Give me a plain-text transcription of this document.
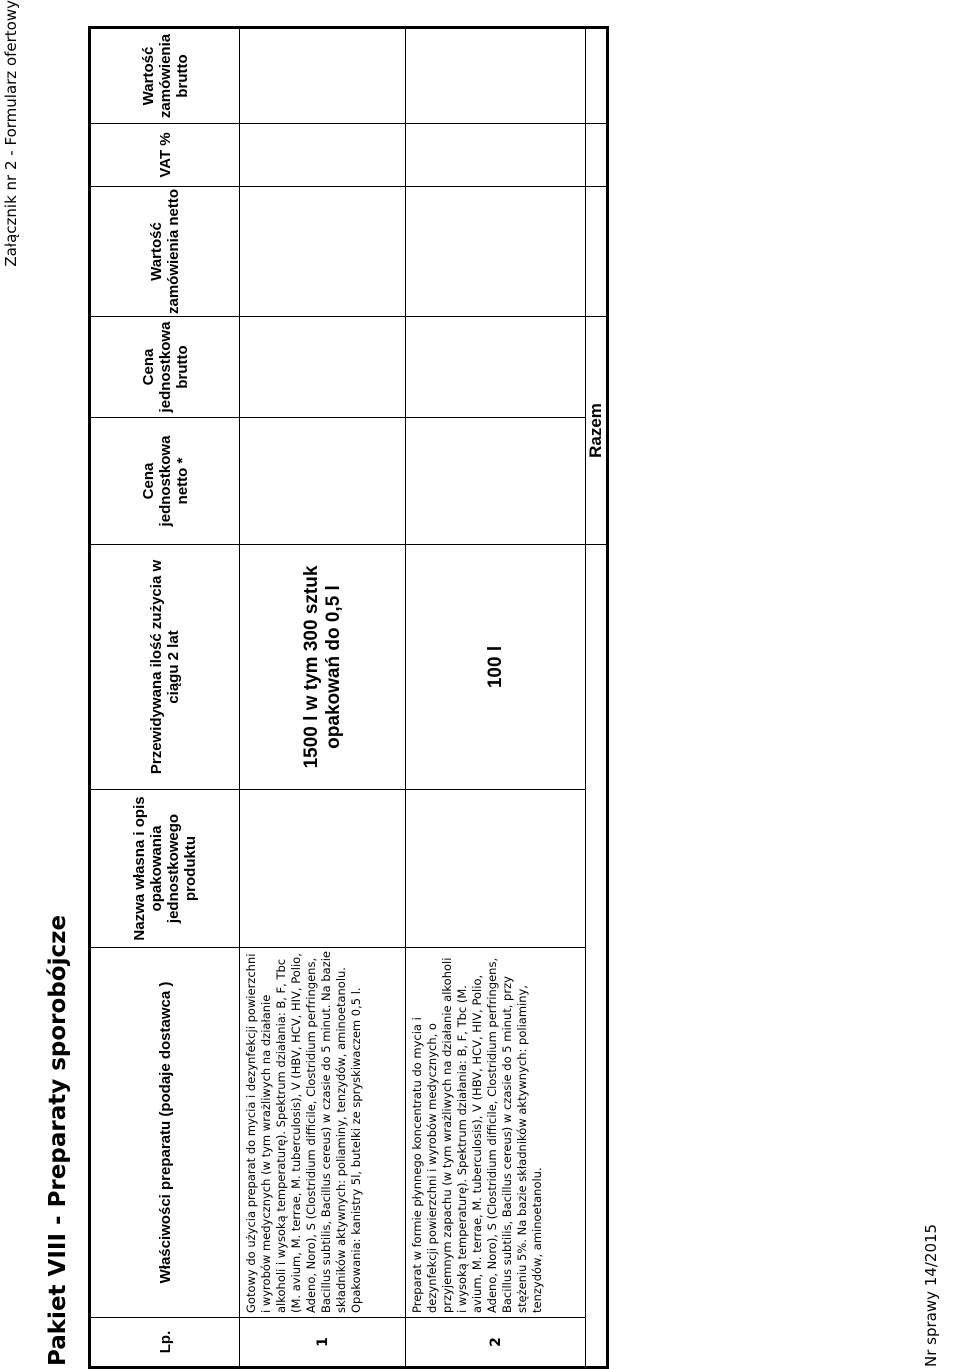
Załącznik nr 2 - Formularz ofertowy
Pakiet VIII - Preparaty sporobójcze	Nr sprawy 14/2015
Lp.	Właściwości preparatu (podaje dostawca )	Nazwa własna i opis opakowania jednostkowego produktu	Przewidywana ilość zużycia w ciągu 2 lat	Cena jednostkowa netto *	Cena jednostkowa brutto	Wartość zamówienia netto	VAT %	Wartość zamówienia brutto
1	Gotowy do użycia preparat do mycia i dezynfekcji powierzchni i wyrobów medycznych (w tym wrażliwych na działanie alkoholi i wysoką temperaturę). Spektrum działania: B, F, Tbc (M. avium, M. terrae, M. tuberculosis), V (HBV, HCV, HIV, Polio, Adeno, Noro), S (Clostridium difficile, Clostridium perfringens, Bacillus subtilis, Bacillus cereus) w czasie do 5 minut. Na bazie składników aktywnych: poliaminy, tenzydów, aminoetanolu. Opakowania: kanistry 5l, butelki ze spryskiwaczem 0,5 l.		1500 l w tym 300 sztuk opakowań do 0,5 l					
2	Preparat w formie płynnego koncentratu do mycia i dezynfekcji powierzchni i wyrobów medycznych, o przyjemnym zapachu (w tym wrażliwych na działanie alkoholi i wysoką temperaturę). Spektrum działania: B, F, Tbc (M. avium, M. terrae, M. tuberculosis), V (HBV, HCV, HIV, Polio, Adeno, Noro), S (Clostridium difficile, Clostridium perfringens, Bacillus subtilis, Bacillus cereus) w czasie do 5 minut, przy stężeniu 5%. Na bazie składników aktywnych: poliaminy, tenzydów, aminoetanolu.		100 l					
				Razem				
